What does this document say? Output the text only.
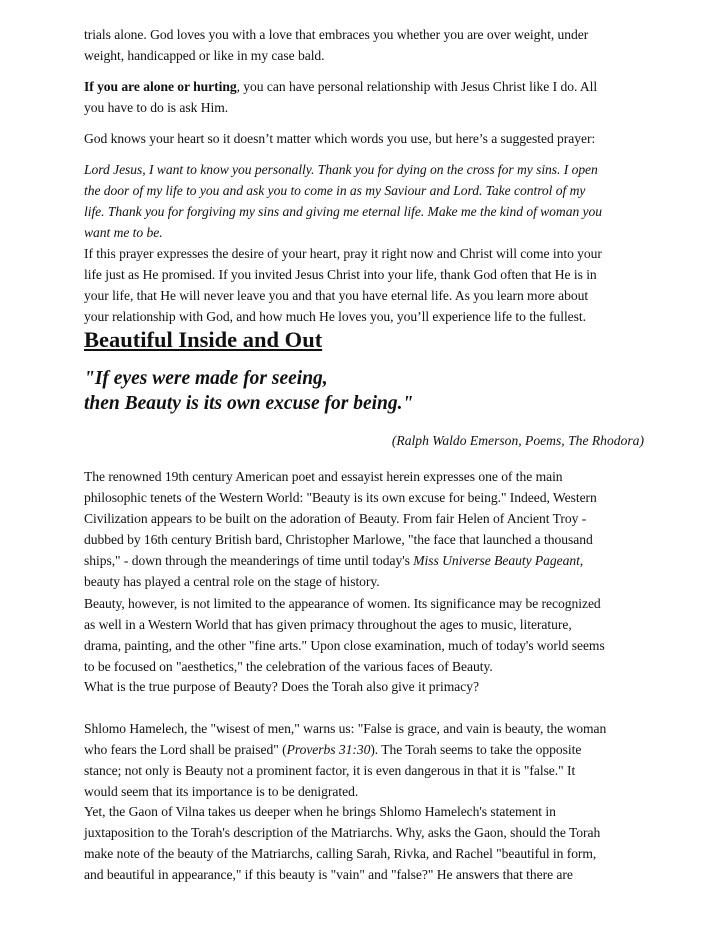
trials alone. God loves you with a love that embraces you whether you are over weight, under
weight, handicapped or like in my case bald.

If you are alone or hurting, you can have personal relationship with Jesus Christ like I do. All
you have to do is ask Him.

God knows your heart so it doesn’t matter which words you use, but here’s a suggested prayer:

Lord Jesus, I want to know you personally. Thank you for dying on the cross for my sins. I open
the door of my life to you and ask you to come in as my Saviour and Lord. Take control of my
life. Thank you for forgiving my sins and giving me eternal life. Make me the kind of woman you
want me to be.

If this prayer expresses the desire of your heart, pray it right now and Christ will come into your
life just as He promised. If you invited Jesus Christ into your life, thank God often that He is in
your life, that He will never leave you and that you have eternal life. As you learn more about
your relationship with God, and how much He loves you, you’ll experience life to the fullest.

Beautiful Inside and Out

"If eyes were made for seeing,
then Beauty is its own excuse for being."

(Ralph Waldo Emerson, Poems, The Rhodora)

The renowned 19th century American poet and essayist herein expresses one of the main
philosophic tenets of the Western World: "Beauty is its own excuse for being." Indeed, Western
Civilization appears to be built on the adoration of Beauty. From fair Helen of Ancient Troy -
dubbed by 16th century British bard, Christopher Marlowe, "the face that launched a thousand
ships," - down through the meanderings of time until today's Miss Universe Beauty Pageant,
beauty has played a central role on the stage of history.

Beauty, however, is not limited to the appearance of women. Its significance may be recognized
as well in a Western World that has given primacy throughout the ages to music, literature,
drama, painting, and the other "fine arts." Upon close examination, much of today's world seems
to be focused on "aesthetics," the celebration of the various faces of Beauty.

What is the true purpose of Beauty? Does the Torah also give it primacy?

Shlomo Hamelech, the "wisest of men," warns us: "False is grace, and vain is beauty, the woman
who fears the Lord shall be praised" (Proverbs 31:30). The Torah seems to take the opposite
stance; not only is Beauty not a prominent factor, it is even dangerous in that it is "false." It
would seem that its importance is to be denigrated.

Yet, the Gaon of Vilna takes us deeper when he brings Shlomo Hamelech's statement in
juxtaposition to the Torah's description of the Matriarchs. Why, asks the Gaon, should the Torah
make note of the beauty of the Matriarchs, calling Sarah, Rivka, and Rachel "beautiful in form,
and beautiful in appearance," if this beauty is "vain" and "false?" He answers that there are
